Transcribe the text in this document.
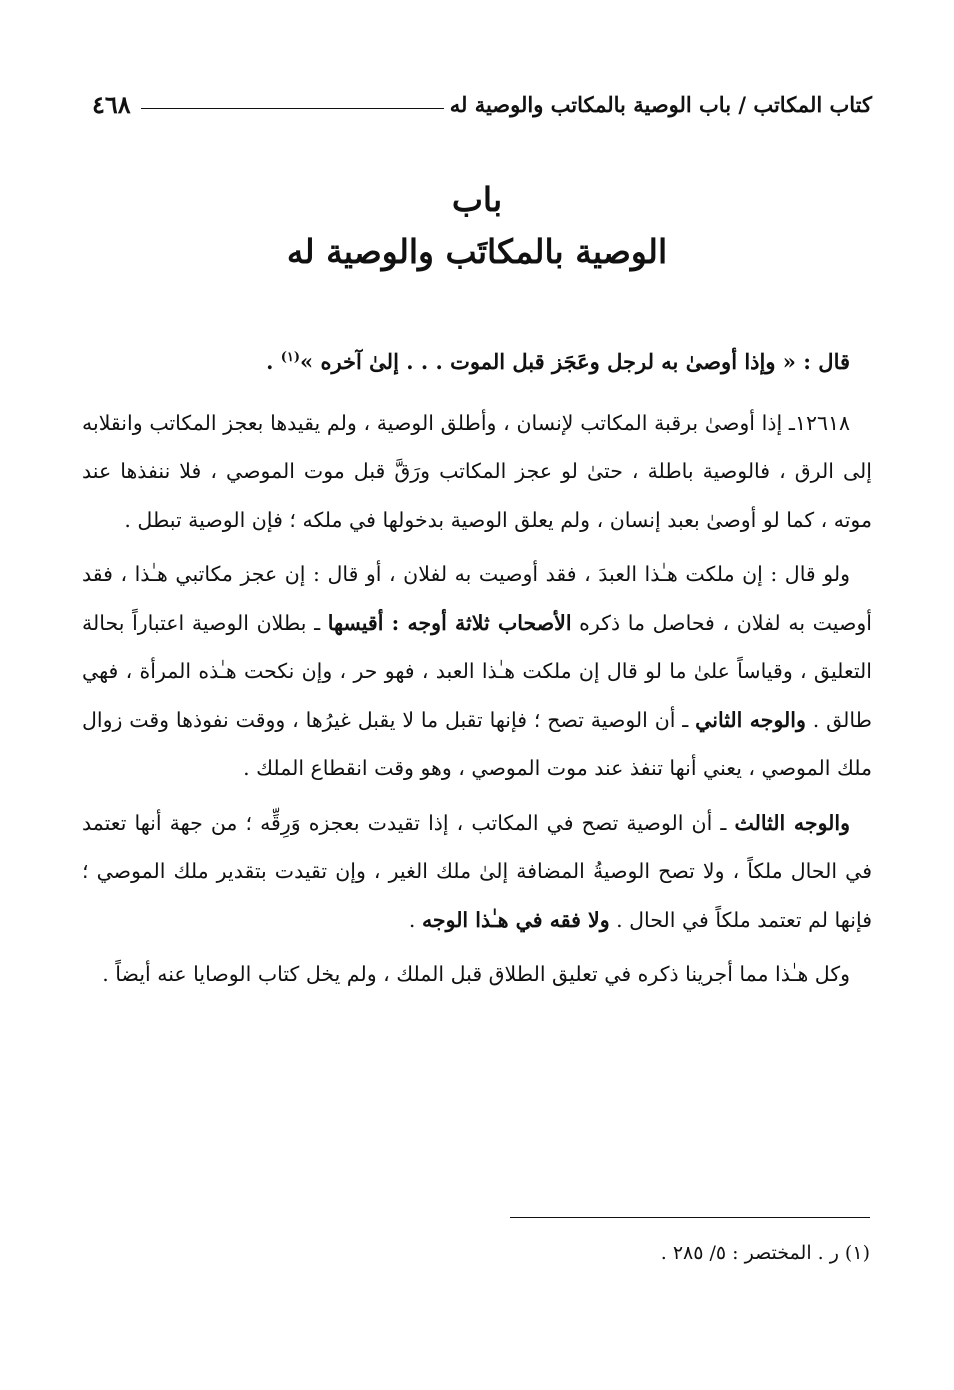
كتاب المكاتب / باب الوصية بالمكاتب والوصية له
٤٦٨
باب
الوصية بالمكاتَب والوصية له

قال : « وإذا أوصىٰ به لرجل وعَجَز قبل الموت . . . إلىٰ آخره »$^{(١)}$ .

١٢٦١٨ـ إذا أوصىٰ برقبة المكاتب لإنسان ، وأطلق الوصية ، ولم يقيدها بعجز المكاتب وانقلابه إلى الرق ، فالوصية باطلة ، حتىٰ لو عجز المكاتب ورَقَّ قبل موت الموصي ، فلا ننفذها عند موته ، كما لو أوصىٰ بعبد إنسان ، ولم يعلق الوصية بدخولها في ملكه ؛ فإن الوصية تبطل .

ولو قال : إن ملكت هـٰذا العبدَ ، فقد أوصيت به لفلان ، أو قال : إن عجز مكاتبي هـٰذا ، فقد أوصيت به لفلان ، فحاصل ما ذكره الأصحاب ثلاثة أوجه : أقيسها ـ بطلان الوصية اعتباراً بحالة التعليق ، وقياساً علىٰ ما لو قال إن ملكت هـٰذا العبد ، فهو حر ، وإن نكحت هـٰذه المرأة ، فهي طالق . والوجه الثاني ـ أن الوصية تصح ؛ فإنها تقبل ما لا يقبل غيرُها ، ووقت نفوذها وقت زوال ملك الموصي ، يعني أنها تنفذ عند موت الموصي ، وهو وقت انقطاع الملك .

والوجه الثالث ـ أن الوصية تصح في المكاتب ، إذا تقيدت بعجزه وَرِقِّه ؛ من جهة أنها تعتمد في الحال ملكاً ، ولا تصح الوصيةُ المضافة إلىٰ ملك الغير ، وإن تقيدت بتقدير ملك الموصي ؛ فإنها لم تعتمد ملكاً في الحال . ولا فقه في هـٰذا الوجه .

وكل هـٰذا مما أجرينا ذكره في تعليق الطلاق قبل الملك ، ولم يخل كتاب الوصايا عنه أيضاً .

(١) ر . المختصر : ٥/ ٢٨٥ .
